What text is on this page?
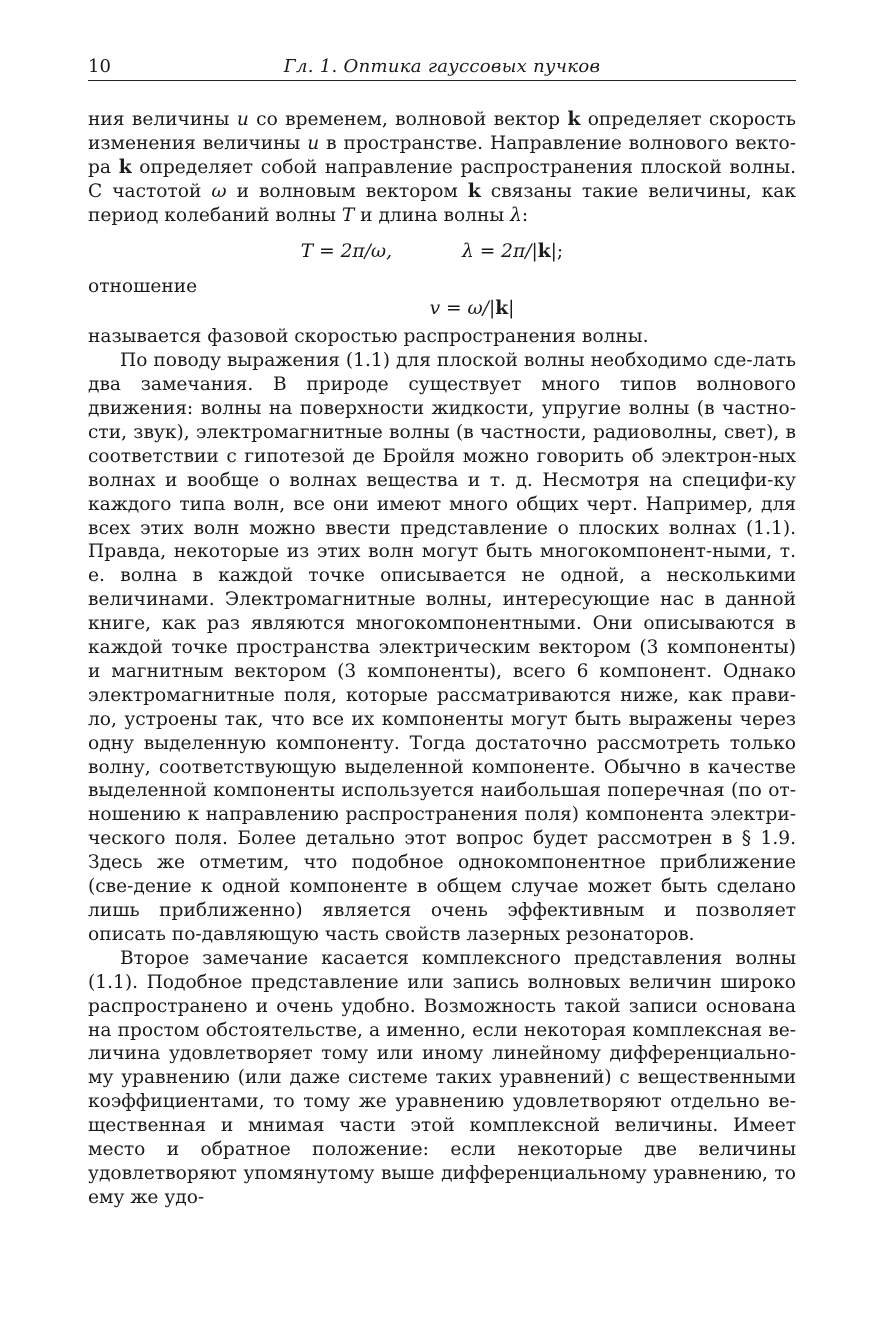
10	Гл. 1. Оптика гауссовых пучков

ния величины u со временем, волновой вектор k определяет скорость изменения величины u в пространстве. Направление волнового векто-ра k определяет собой направление распространения плоской волны. С частотой ω и волновым вектором k связаны такие величины, как период колебаний волны T и длина волны λ:

T = 2π/ω,	λ = 2π/|k|;

отношение

v = ω/|k|

называется фазовой скоростью распространения волны.

По поводу выражения (1.1) для плоской волны необходимо сде-лать два замечания. В природе существует много типов волнового движения: волны на поверхности жидкости, упругие волны (в частно-сти, звук), электромагнитные волны (в частности, радиоволны, свет), в соответствии с гипотезой де Бройля можно говорить об электрон-ных волнах и вообще о волнах вещества и т. д. Несмотря на специфи-ку каждого типа волн, все они имеют много общих черт. Например, для всех этих волн можно ввести представление о плоских волнах (1.1). Правда, некоторые из этих волн могут быть многокомпонент-ными, т. е. волна в каждой точке описывается не одной, а несколькими величинами. Электромагнитные волны, интересующие нас в данной книге, как раз являются многокомпонентными. Они описываются в каждой точке пространства электрическим вектором (3 компоненты) и магнитным вектором (3 компоненты), всего 6 компонент. Однако электромагнитные поля, которые рассматриваются ниже, как прави-ло, устроены так, что все их компоненты могут быть выражены через одну выделенную компоненту. Тогда достаточно рассмотреть только волну, соответствующую выделенной компоненте. Обычно в качестве выделенной компоненты используется наибольшая поперечная (по от-ношению к направлению распространения поля) компонента электри-ческого поля. Более детально этот вопрос будет рассмотрен в § 1.9. Здесь же отметим, что подобное однокомпонентное приближение (све-дение к одной компоненте в общем случае может быть сделано лишь приближенно) является очень эффективным и позволяет описать по-давляющую часть свойств лазерных резонаторов.

Второе замечание касается комплексного представления волны (1.1). Подобное представление или запись волновых величин широко распространено и очень удобно. Возможность такой записи основана на простом обстоятельстве, а именно, если некоторая комплексная ве-личина удовлетворяет тому или иному линейному дифференциально-му уравнению (или даже системе таких уравнений) с вещественными коэффициентами, то тому же уравнению удовлетворяют отдельно ве-щественная и мнимая части этой комплексной величины. Имеет место и обратное положение: если некоторые две величины удовлетворяют упомянутому выше дифференциальному уравнению, то ему же удо-
